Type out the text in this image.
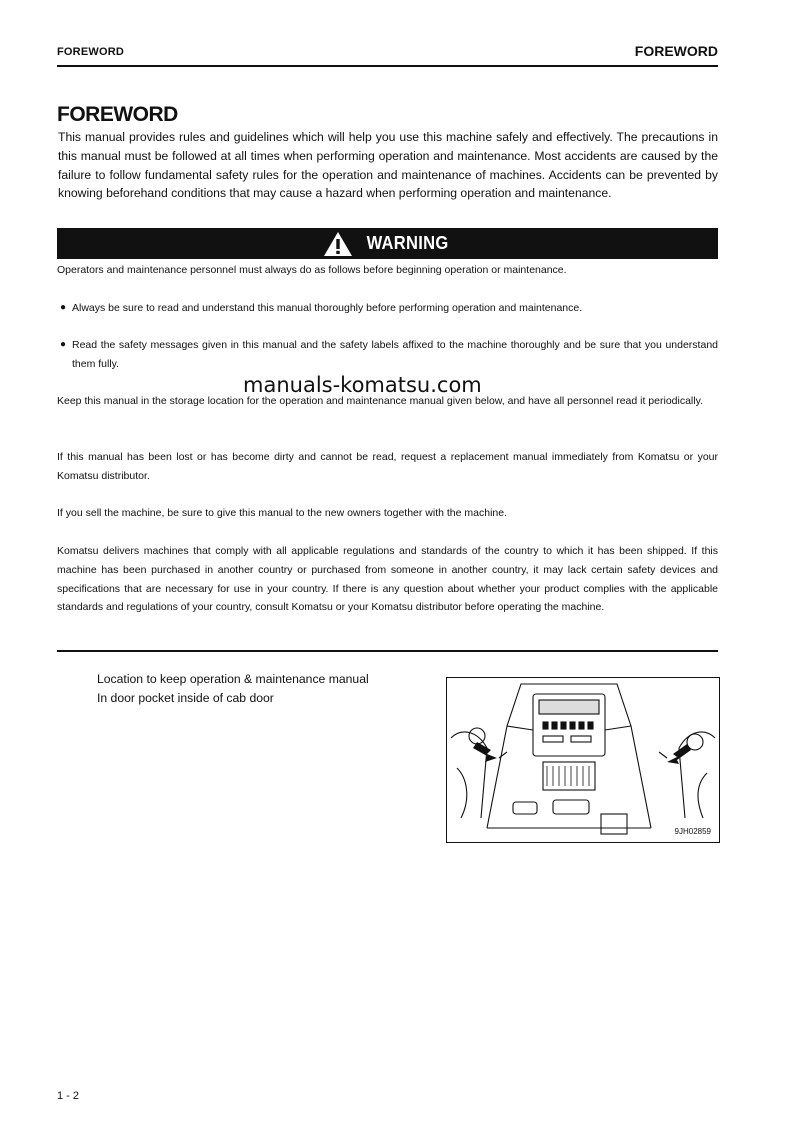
FOREWORD	FOREWORD
FOREWORD
This manual provides rules and guidelines which will help you use this machine safely and effectively. The precautions in this manual must be followed at all times when performing operation and maintenance. Most accidents are caused by the failure to follow fundamental safety rules for the operation and maintenance of machines. Accidents can be prevented by knowing beforehand conditions that may cause a hazard when performing operation and maintenance.
WARNING
Operators and maintenance personnel must always do as follows before beginning operation or maintenance.
● Always be sure to read and understand this manual thoroughly before performing operation and maintenance.
● Read the safety messages given in this manual and the safety labels affixed to the machine thoroughly and be sure that you understand them fully.
manuals-komatsu.com
Keep this manual in the storage location for the operation and maintenance manual given below, and have all personnel read it periodically.
If this manual has been lost or has become dirty and cannot be read, request a replacement manual immediately from Komatsu or your Komatsu distributor.
If you sell the machine, be sure to give this manual to the new owners together with the machine.
Komatsu delivers machines that comply with all applicable regulations and standards of the country to which it has been shipped. If this machine has been purchased in another country or purchased from someone in another country, it may lack certain safety devices and specifications that are necessary for use in your country. If there is any question about whether your product complies with the applicable standards and regulations of your country, consult Komatsu or your Komatsu distributor before operating the machine.
Location to keep operation & maintenance manual
In door pocket inside of cab door
9JH02859
1 - 2
